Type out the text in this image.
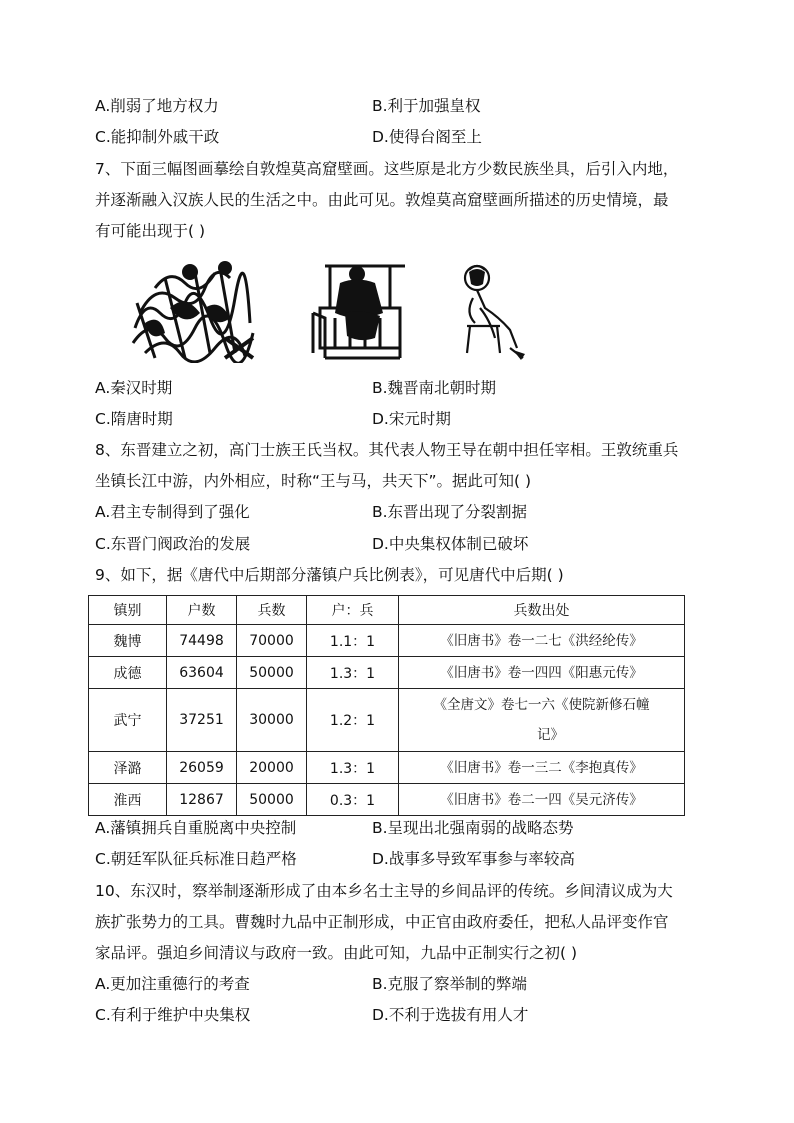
A.削弱了地方权力	B.利于加强皇权
C.能抑制外戚干政	D.使得台阁至上
7、下面三幅图画摹绘自敦煌莫高窟壁画。这些原是北方少数民族坐具，后引入内地，
并逐渐融入汉族人民的生活之中。由此可见。敦煌莫高窟壁画所描述的历史情境，最
有可能出现于( )
A.秦汉时期	B.魏晋南北朝时期
C.隋唐时期	D.宋元时期
8、东晋建立之初，高门士族王氏当权。其代表人物王导在朝中担任宰相。王敦统重兵
坐镇长江中游，内外相应，时称“王与马，共天下”。据此可知( )
A.君主专制得到了强化	B.东晋出现了分裂割据
C.东晋门阀政治的发展	D.中央集权体制已破坏
9、如下，据《唐代中后期部分藩镇户兵比例表》，可见唐代中后期( )
镇别	户数	兵数	户：兵	兵数出处
魏博	74498	70000	1.1：1	《旧唐书》卷一二七《洪经纶传》
成德	63604	50000	1.3：1	《旧唐书》卷一四四《阳惠元传》
武宁	37251	30000	1.2：1	《全唐文》卷七一六《使院新修石幢
记》

泽潞	26059	20000	1.3：1	《旧唐书》卷一三二《李抱真传》
淮西	12867	50000	0.3：1	《旧唐书》卷二一四《吴元济传》
A.藩镇拥兵自重脱离中央控制	B.呈现出北强南弱的战略态势
C.朝廷军队征兵标准日趋严格	D.战事多导致军事参与率较高
10、东汉时，察举制逐渐形成了由本乡名士主导的乡间品评的传统。乡间清议成为大
族扩张势力的工具。曹魏时九品中正制形成，中正官由政府委任，把私人品评变作官
家品评。强迫乡间清议与政府一致。由此可知，九品中正制实行之初( )
A.更加注重德行的考查	B.克服了察举制的弊端
C.有利于维护中央集权	D.不利于选拔有用人才
